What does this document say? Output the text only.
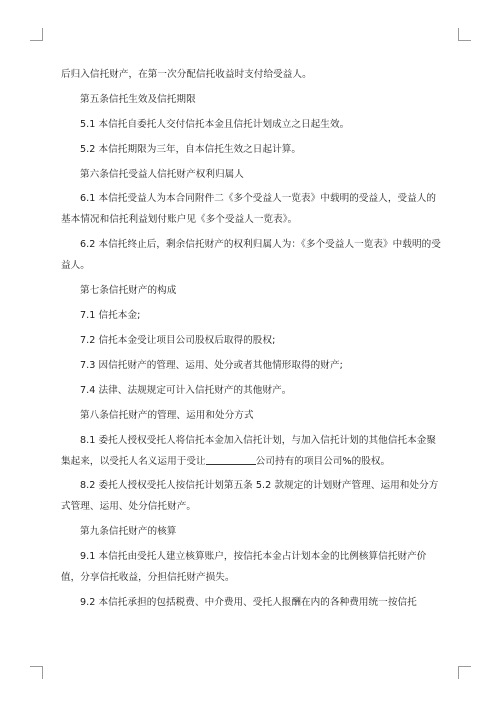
后归入信托财产，在第一次分配信托收益时支付给受益人。

第五条信托生效及信托期限

5.1 本信托自委托人交付信托本金且信托计划成立之日起生效。

5.2 本信托期限为三年，自本信托生效之日起计算。

第六条信托受益人信托财产权利归属人

6.1 本信托受益人为本合同附件二《多个受益人一览表》中载明的受益人，受益人的基本情况和信托利益划付账户见《多个受益人一览表》。

6.2 本信托终止后，剩余信托财产的权利归属人为：《多个受益人一览表》中载明的受益人。

第七条信托财产的构成

7.1 信托本金;

7.2 信托本金受让项目公司股权后取得的股权;

7.3 因信托财产的管理、运用、处分或者其他情形取得的财产;

7.4 法律、法规规定可计入信托财产的其他财产。

第八条信托财产的管理、运用和处分方式

8.1 委托人授权受托人将信托本金加入信托计划，与加入信托计划的其他信托本金聚集起来，以受托人名义运用于受让	公司持有的项目公司%的股权。

8.2 委托人授权受托人按信托计划第五条 5.2 款规定的计划财产管理、运用和处分方式管理、运用、处分信托财产。

第九条信托财产的核算

9.1 本信托由受托人建立核算账户，按信托本金占计划本金的比例核算信托财产价值，分享信托收益，分担信托财产损失。

9.2 本信托承担的包括税费、中介费用、受托人报酬在内的各种费用统一按信托
